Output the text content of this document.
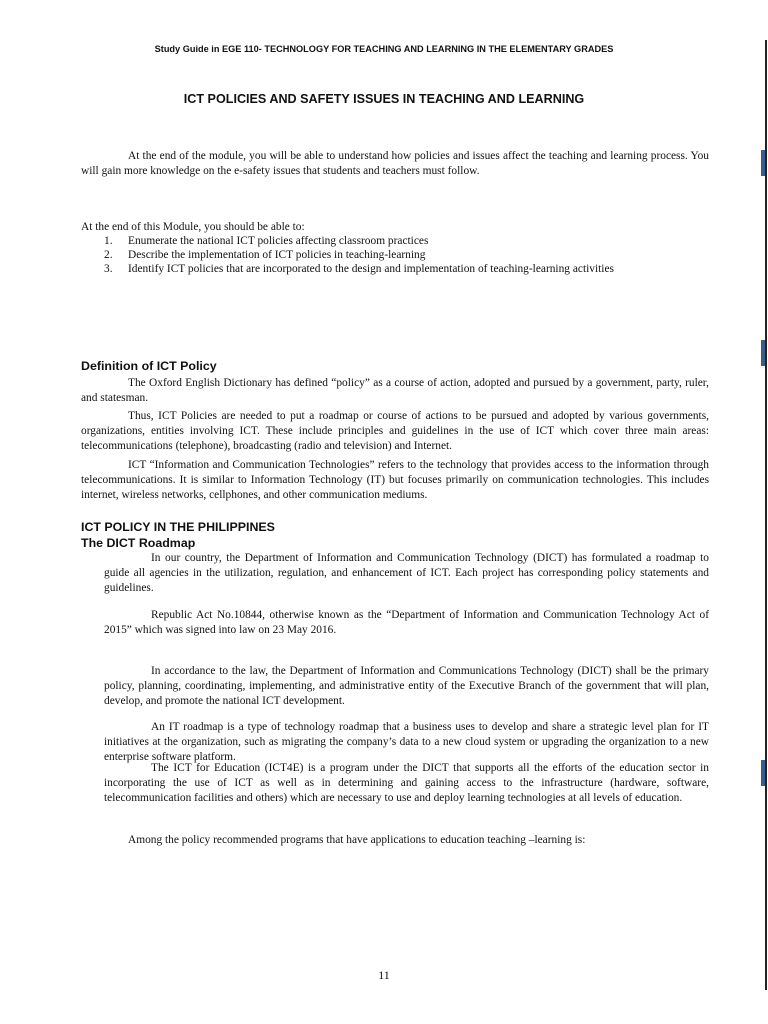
Study Guide in EGE 110- TECHNOLOGY FOR TEACHING AND LEARNING IN THE ELEMENTARY GRADES
ICT POLICIES AND SAFETY ISSUES IN TEACHING AND LEARNING

At the end of the module, you will be able to understand how policies and issues affect the teaching and learning process. You will gain more knowledge on the e-safety issues that students and teachers must follow.

At the end of this Module, you should be able to:

1. Enumerate the national ICT policies affecting classroom practices
2. Describe the implementation of ICT policies in teaching-learning
3. Identify ICT policies that are incorporated to the design and implementation of teaching-learning activities
Definition of ICT Policy

The Oxford English Dictionary has defined “policy” as a course of action, adopted and pursued by a government, party, ruler, and statesman.

Thus, ICT Policies are needed to put a roadmap or course of actions to be pursued and adopted by various governments, organizations, entities involving ICT. These include principles and guidelines in the use of ICT which cover three main areas: telecommunications (telephone), broadcasting (radio and television) and Internet.

ICT “Information and Communication Technologies” refers to the technology that provides access to the information through telecommunications. It is similar to Information Technology (IT) but focuses primarily on communication technologies. This includes internet, wireless networks, cellphones, and other communication mediums.

ICT POLICY IN THE PHILIPPINES
The DICT Roadmap

In our country, the Department of Information and Communication Technology (DICT) has formulated a roadmap to guide all agencies in the utilization, regulation, and enhancement of ICT. Each project has corresponding policy statements and guidelines.

Republic Act No.10844, otherwise known as the “Department of Information and Communication Technology Act of 2015” which was signed into law on 23 May 2016.

In accordance to the law, the Department of Information and Communications Technology (DICT) shall be the primary policy, planning, coordinating, implementing, and administrative entity of the Executive Branch of the government that will plan, develop, and promote the national ICT development.

An IT roadmap is a type of technology roadmap that a business uses to develop and share a strategic level plan for IT initiatives at the organization, such as migrating the company’s data to a new cloud system or upgrading the organization to a new enterprise software platform.

The ICT for Education (ICT4E) is a program under the DICT that supports all the efforts of the education sector in incorporating the use of ICT as well as in determining and gaining access to the infrastructure (hardware, software, telecommunication facilities and others) which are necessary to use and deploy learning technologies at all levels of education.

Among the policy recommended programs that have applications to education teaching –learning is:

11
